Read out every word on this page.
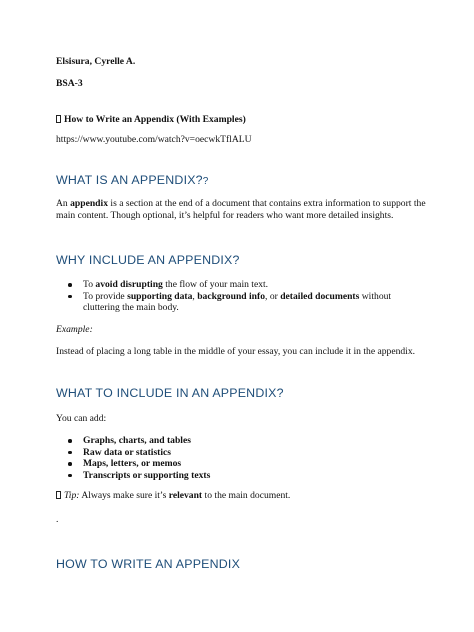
Elsisura, Cyrelle A.
BSA-3
How to Write an Appendix (With Examples)
https://www.youtube.com/watch?v=oecwkTflALU
WHAT IS AN APPENDIX??
An appendix is a section at the end of a document that contains extra information to support the
main content. Though optional, it’s helpful for readers who want more detailed insights.
WHY INCLUDE AN APPENDIX?
To avoid disrupting the flow of your main text.
To provide supporting data, background info, or detailed documents without
cluttering the main body.
Example:
Instead of placing a long table in the middle of your essay, you can include it in the appendix.
WHAT TO INCLUDE IN AN APPENDIX?
You can add:
Graphs, charts, and tables
Raw data or statistics
Maps, letters, or memos
Transcripts or supporting texts
Tip: Always make sure it’s relevant to the main document.
.
HOW TO WRITE AN APPENDIX
